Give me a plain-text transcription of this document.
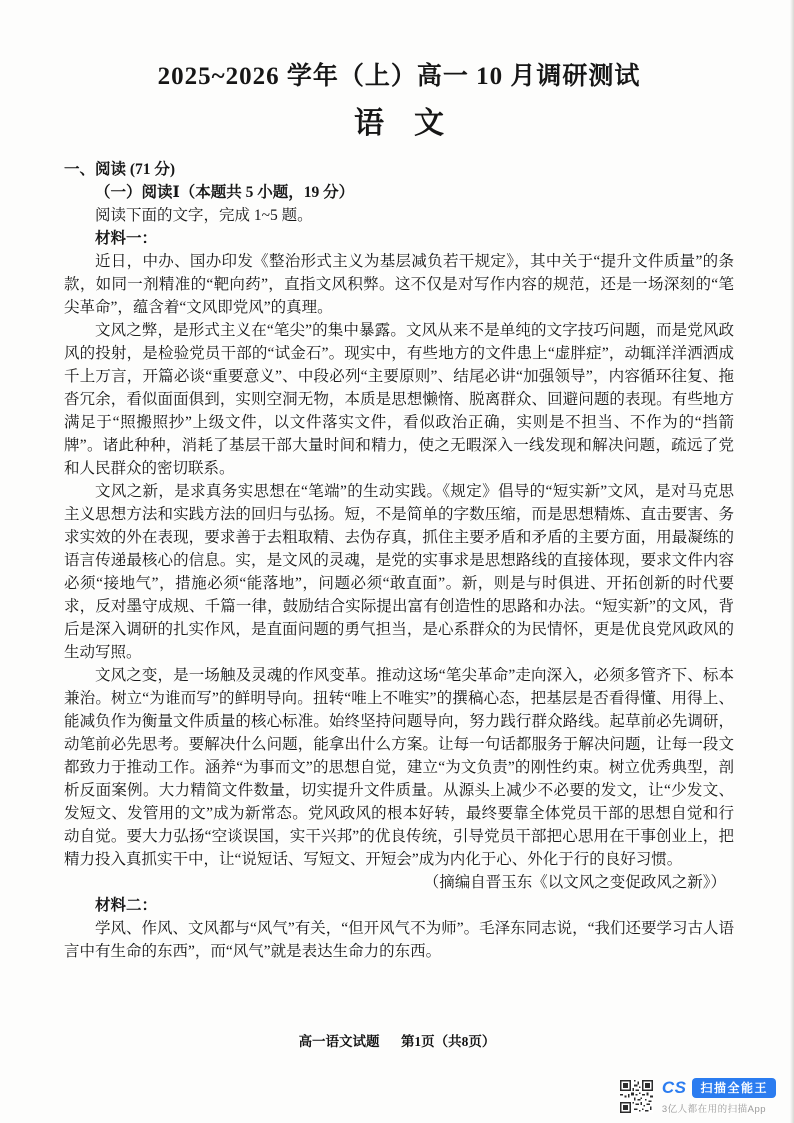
2025~2026 学年（上）高一 10 月调研测试
语　文

一、阅读 (71 分)

（一）阅读Ⅰ（本题共 5 小题，19 分）

阅读下面的文字，完成 1~5 题。

材料一：

近日，中办、国办印发《整治形式主义为基层减负若干规定》，其中关于“提升文件质量”的条款，如同一剂精准的“靶向药”，直指文风积弊。这不仅是对写作内容的规范，还是一场深刻的“笔尖革命”，蕴含着“文风即党风”的真理。

文风之弊，是形式主义在“笔尖”的集中暴露。文风从来不是单纯的文字技巧问题，而是党风政风的投射，是检验党员干部的“试金石”。现实中，有些地方的文件患上“虚胖症”，动辄洋洋洒洒成千上万言，开篇必谈“重要意义”、中段必列“主要原则”、结尾必讲“加强领导”，内容循环往复、拖沓冗余，看似面面俱到，实则空洞无物，本质是思想懒惰、脱离群众、回避问题的表现。有些地方满足于“照搬照抄”上级文件，以文件落实文件，看似政治正确，实则是不担当、不作为的“挡箭牌”。诸此种种，消耗了基层干部大量时间和精力，使之无暇深入一线发现和解决问题，疏远了党和人民群众的密切联系。

文风之新，是求真务实思想在“笔端”的生动实践。《规定》倡导的“短实新”文风，是对马克思主义思想方法和实践方法的回归与弘扬。短，不是简单的字数压缩，而是思想精炼、直击要害、务求实效的外在表现，要求善于去粗取精、去伪存真，抓住主要矛盾和矛盾的主要方面，用最凝练的语言传递最核心的信息。实，是文风的灵魂，是党的实事求是思想路线的直接体现，要求文件内容必须“接地气”，措施必须“能落地”，问题必须“敢直面”。新，则是与时俱进、开拓创新的时代要求，反对墨守成规、千篇一律，鼓励结合实际提出富有创造性的思路和办法。“短实新”的文风，背后是深入调研的扎实作风，是直面问题的勇气担当，是心系群众的为民情怀，更是优良党风政风的生动写照。

文风之变，是一场触及灵魂的作风变革。推动这场“笔尖革命”走向深入，必须多管齐下、标本兼治。树立“为谁而写”的鲜明导向。扭转“唯上不唯实”的撰稿心态，把基层是否看得懂、用得上、能减负作为衡量文件质量的核心标准。始终坚持问题导向，努力践行群众路线。起草前必先调研，动笔前必先思考。要解决什么问题，能拿出什么方案。让每一句话都服务于解决问题，让每一段文都致力于推动工作。涵养“为事而文”的思想自觉，建立“为文负责”的刚性约束。树立优秀典型，剖析反面案例。大力精简文件数量，切实提升文件质量。从源头上减少不必要的发文，让“少发文、发短文、发管用的文”成为新常态。党风政风的根本好转，最终要靠全体党员干部的思想自觉和行动自觉。要大力弘扬“空谈误国，实干兴邦”的优良传统，引导党员干部把心思用在干事创业上，把精力投入真抓实干中，让“说短话、写短文、开短会”成为内化于心、外化于行的良好习惯。

（摘编自晋玉东《以文风之变促政风之新》）

材料二：

学风、作风、文风都与“风气”有关，“但开风气不为师”。毛泽东同志说，“我们还要学习古人语言中有生命的东西”，而“风气”就是表达生命力的东西。

高一语文试题 第1页（共8页）
CS	扫描全能王
3亿人都在用的扫描App
